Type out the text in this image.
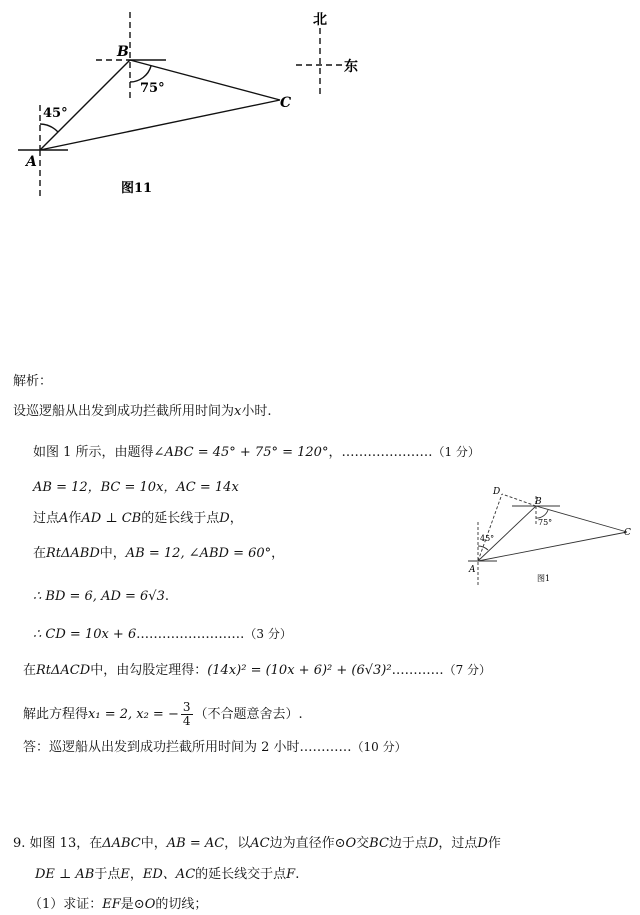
北
东
B
C
A
45°
75°
图11
D
B
C
A
45°
75°
图1
解析：
设巡逻船从出发到成功拦截所用时间为x小时.
如图 1 所示，由题得∠ABC = 45° + 75° = 120°，…………………（1 分）
AB = 12，BC = 10x，AC = 14x
过点A作AD ⊥ CB的延长线于点D，
在RtΔABD中，AB = 12, ∠ABD = 60°，
∴ BD = 6, AD = 6√3.
∴ CD = 10x + 6.……………………（3 分）
在RtΔACD中，由勾股定理得：(14x)² = (10x + 6)² + (6√3)²…………（7 分）
解此方程得x₁ = 2, x₂ = − $\frac{3}{4}$ （不合题意舍去）.
答：巡逻船从出发到成功拦截所用时间为 2 小时…………（10 分）
9. 如图 13，在ΔABC中，AB = AC，以AC边为直径作⊙O交BC边于点D，过点D作
DE ⊥ AB于点E，ED、AC的延长线交于点F.
（1）求证：EF是⊙O的切线；
